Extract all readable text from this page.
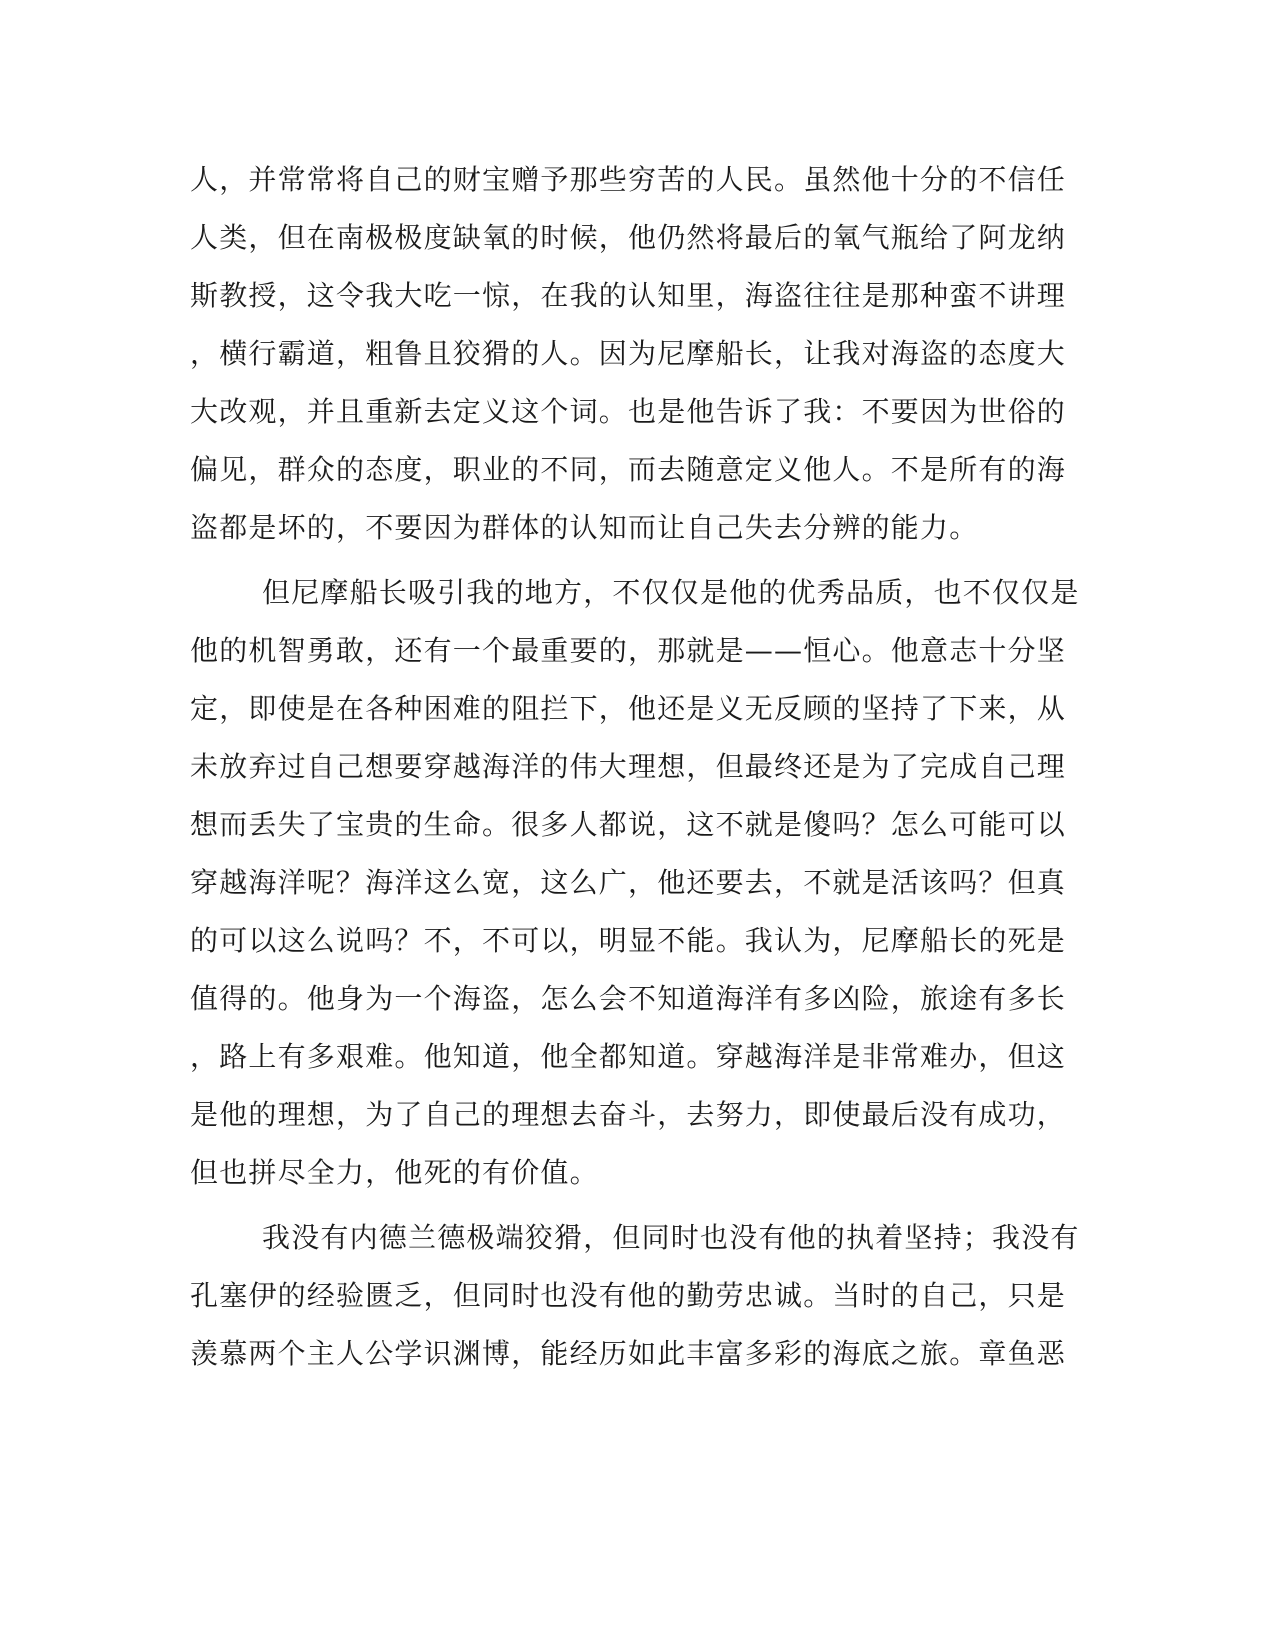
人，并常常将自己的财宝赠予那些穷苦的人民。虽然他十分的不信任
人类，但在南极极度缺氧的时候，他仍然将最后的氧气瓶给了阿龙纳
斯教授，这令我大吃一惊，在我的认知里，海盗往往是那种蛮不讲理
，横行霸道，粗鲁且狡猾的人。因为尼摩船长，让我对海盗的态度大
大改观，并且重新去定义这个词。也是他告诉了我：不要因为世俗的
偏见，群众的态度，职业的不同，而去随意定义他人。不是所有的海
盗都是坏的，不要因为群体的认知而让自己失去分辨的能力。
但尼摩船长吸引我的地方，不仅仅是他的优秀品质，也不仅仅是
他的机智勇敢，还有一个最重要的，那就是——恒心。他意志十分坚
定，即使是在各种困难的阻拦下，他还是义无反顾的坚持了下来，从
未放弃过自己想要穿越海洋的伟大理想，但最终还是为了完成自己理
想而丢失了宝贵的生命。很多人都说，这不就是傻吗？怎么可能可以
穿越海洋呢？海洋这么宽，这么广，他还要去，不就是活该吗？但真
的可以这么说吗？不，不可以，明显不能。我认为，尼摩船长的死是
值得的。他身为一个海盗，怎么会不知道海洋有多凶险，旅途有多长
，路上有多艰难。他知道，他全都知道。穿越海洋是非常难办，但这
是他的理想，为了自己的理想去奋斗，去努力，即使最后没有成功，
但也拼尽全力，他死的有价值。
我没有内德兰德极端狡猾，但同时也没有他的执着坚持；我没有
孔塞伊的经验匮乏，但同时也没有他的勤劳忠诚。当时的自己，只是
羡慕两个主人公学识渊博，能经历如此丰富多彩的海底之旅。章鱼恶
